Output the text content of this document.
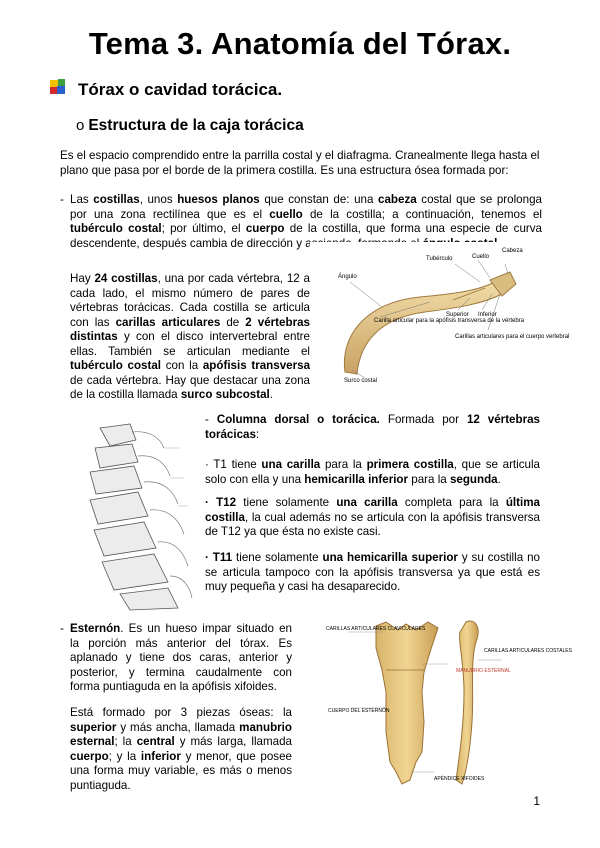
Tema 3. Anatomía del Tórax.
Tórax o cavidad torácica.
o Estructura de la caja torácica
Es el espacio comprendido entre la parrilla costal y el diafragma. Cranealmente llega hasta el plano que pasa por el borde de la primera costilla. Es una estructura ósea formada por:
- Las costillas, unos huesos planos que constan de: una cabeza costal que se prolonga por una zona rectilínea que es el cuello de la costilla; a continuación, tenemos el tubérculo costal; por último, el cuerpo de la costilla, que forma una especie de curva descendente, después cambia de dirección y asciende, formando el ángulo costal.
Hay 24 costillas, una por cada vértebra, 12 a cada lado, el mismo número de pares de vértebras torácicas. Cada costilla se articula con las carillas articulares de 2 vértebras distintas y con el disco intervertebral entre ellas. También se articulan mediante el tubérculo costal con la apófisis transversa de cada vértebra. Hay que destacar una zona de la costilla llamada surco subcostal.
Cabeza
Tubérculo	Cuello
Ángulo
Carilla articular para la apófisis transversa de la vértebra
Superior Inferior
Carillas articulares para el cuerpo vertebral
Surco costal
- Columna dorsal o torácica. Formada por 12 vértebras torácicas:
· T1 tiene una carilla para la primera costilla, que se articula solo con ella y una hemicarilla inferior para la segunda.
· T12 tiene solamente una carilla completa para la última costilla, la cual además no se articula con la apófisis transversa de T12 ya que ésta no existe casi.
· T11 tiene solamente una hemicarilla superior y su costilla no se articula tampoco con la apófisis transversa ya que está es muy pequeña y casi ha desaparecido.
- Esternón. Es un hueso impar situado en la porción más anterior del tórax. Es aplanado y tiene dos caras, anterior y posterior, y termina caudalmente con forma puntiaguda en la apófisis xifoides.
Está formado por 3 piezas óseas: la superior y más ancha, llamada manubrio esternal; la central y más larga, llamada cuerpo; y la inferior y menor, que posee una forma muy variable, es más o menos puntiaguda.
CARILLAS ARTICULARES CLAVICULARES
MANUBRIO ESTERNAL
CUERPO DEL ESTERNÓN
APÉNDICE XIFOIDES
CARILLAS ARTICULARES COSTALES
1
